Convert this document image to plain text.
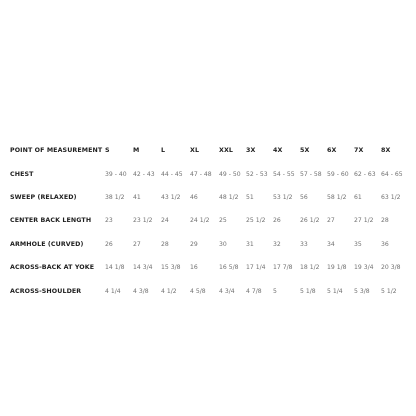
POINT OF MEASUREMENT	S	M	L	XL	XXL	3X	4X	5X	6X	7X	8X
CHEST	39 - 40	42 - 43	44 - 45	47 - 48	49 - 50	52 - 53	54 - 55	57 - 58	59 - 60	62 - 63	64 - 65
SWEEP (RELAXED)	38 1/2	41	43 1/2	46	48 1/2	51	53 1/2	56	58 1/2	61	63 1/2
CENTER BACK LENGTH	23	23 1/2	24	24 1/2	25	25 1/2	26	26 1/2	27	27 1/2	28
ARMHOLE (CURVED)	26	27	28	29	30	31	32	33	34	35	36
ACROSS-BACK AT YOKE	14 1/8	14 3/4	15 3/8	16	16 5/8	17 1/4	17 7/8	18 1/2	19 1/8	19 3/4	20 3/8
ACROSS-SHOULDER	4 1/4	4 3/8	4 1/2	4 5/8	4 3/4	4 7/8	5	5 1/8	5 1/4	5 3/8	5 1/2
